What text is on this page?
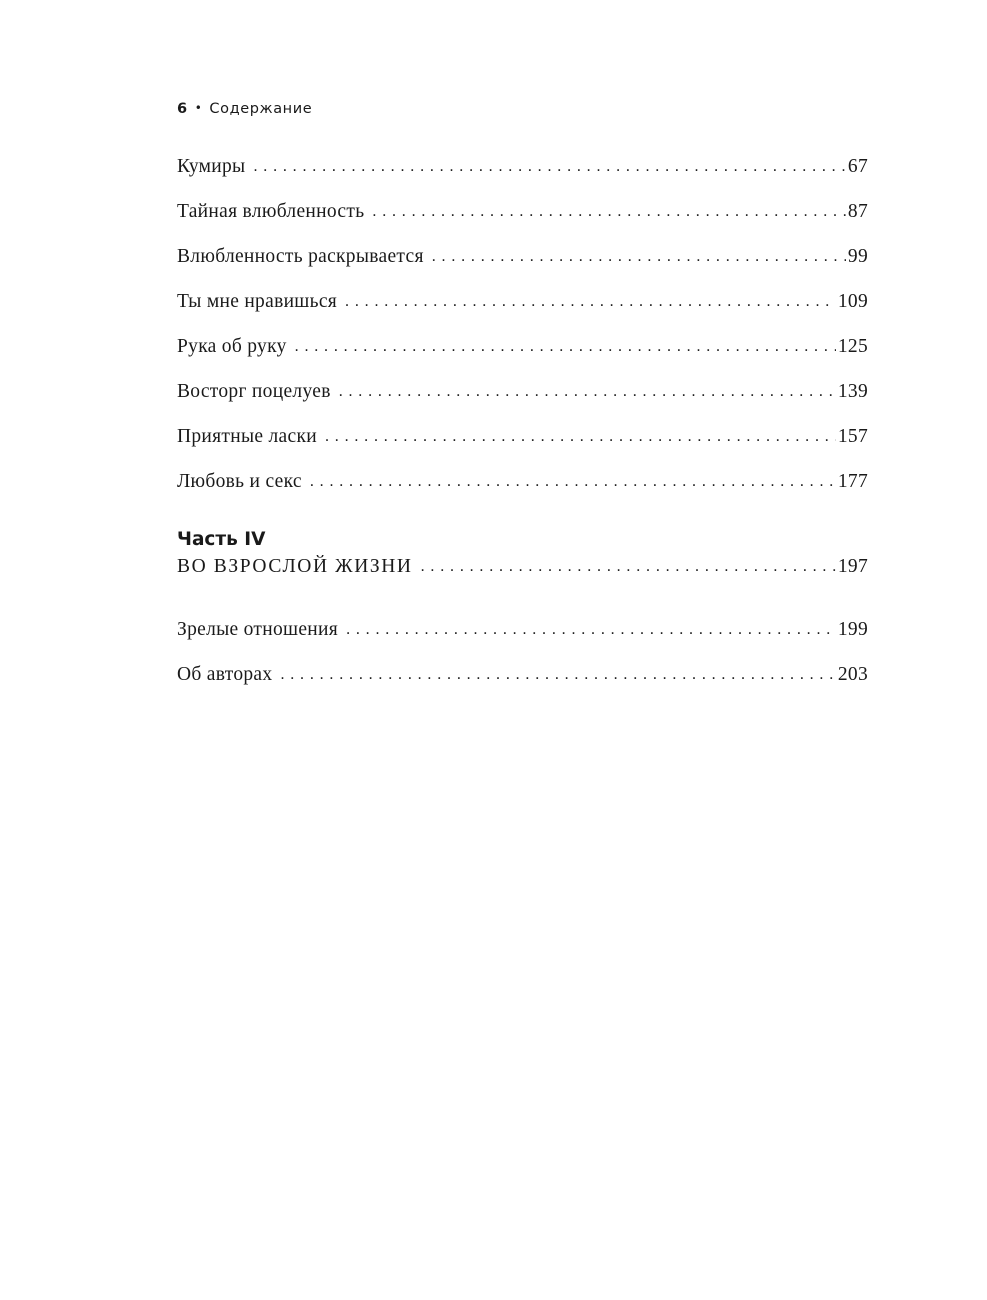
6 • Содержание
Кумиры . . .	67
Тайная влюбленность . . .	87
Влюбленность раскрывается . . .	99
Ты мне нравишься . . .	109
Рука об руку . . .	125
Восторг поцелуев . . .	139
Приятные ласки . . .	157
Любовь и секс . . .	177
Часть IV
ВО ВЗРОСЛОЙ ЖИЗНИ . . .	197
Зрелые отношения . . .	199
Об авторах . . .	203
